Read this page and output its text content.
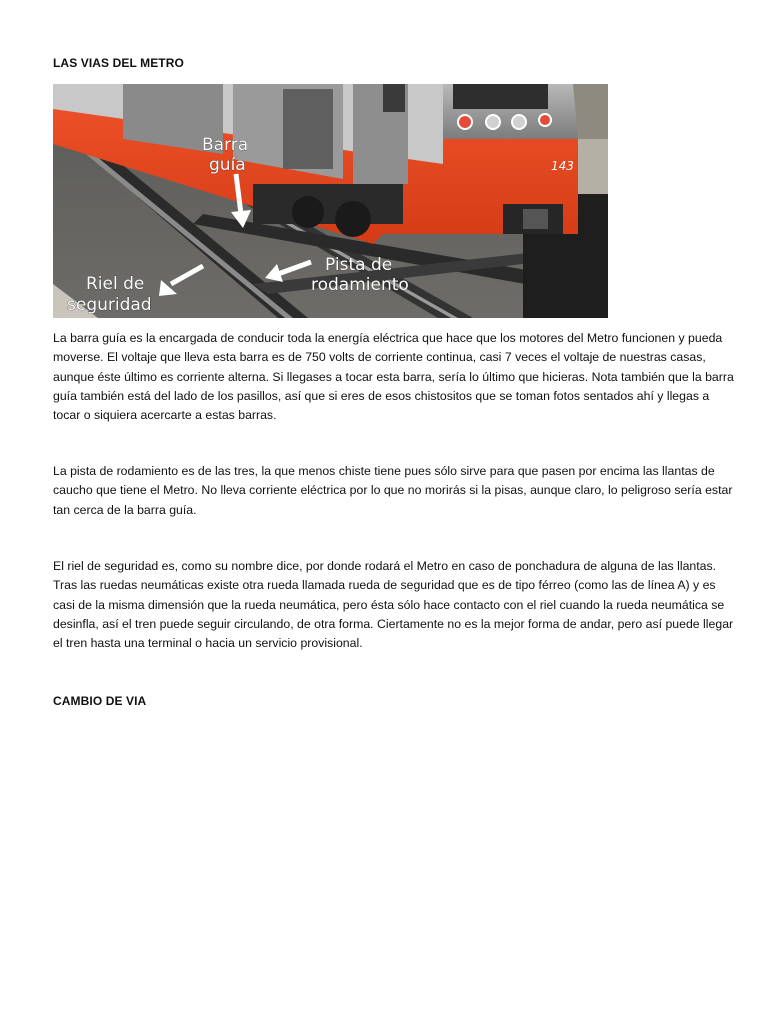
LAS VIAS DEL METRO
143
Barra
guía
Pista de
rodamiento
Riel de
seguridad

La barra guía es la encargada de conducir toda la energía eléctrica que hace que los motores del Metro funcionen y pueda moverse. El voltaje que lleva esta barra es de 750 volts de corriente continua, casi 7 veces el voltaje de nuestras casas, aunque éste último es corriente alterna. Si llegases a tocar esta barra, sería lo último que hicieras. Nota también que la barra guía también está del lado de los pasillos, así que si eres de esos chistositos que se toman fotos sentados ahí y llegas a tocar o siquiera acercarte a estas barras.

La pista de rodamiento es de las tres, la que menos chiste tiene pues sólo sirve para que pasen por encima las llantas de caucho que tiene el Metro. No lleva corriente eléctrica por lo que no morirás si la pisas, aunque claro, lo peligroso sería estar tan cerca de la barra guía.

El riel de seguridad es, como su nombre dice, por donde rodará el Metro en caso de ponchadura de alguna de las llantas. Tras las ruedas neumáticas existe otra rueda llamada rueda de seguridad que es de tipo férreo (como las de línea A) y es casi de la misma dimensión que la rueda neumática, pero ésta sólo hace contacto con el riel cuando la rueda neumática se desinfla, así el tren puede seguir circulando, de otra forma. Ciertamente no es la mejor forma de andar, pero así puede llegar el tren hasta una terminal o hacia un servicio provisional.

CAMBIO DE VIA
